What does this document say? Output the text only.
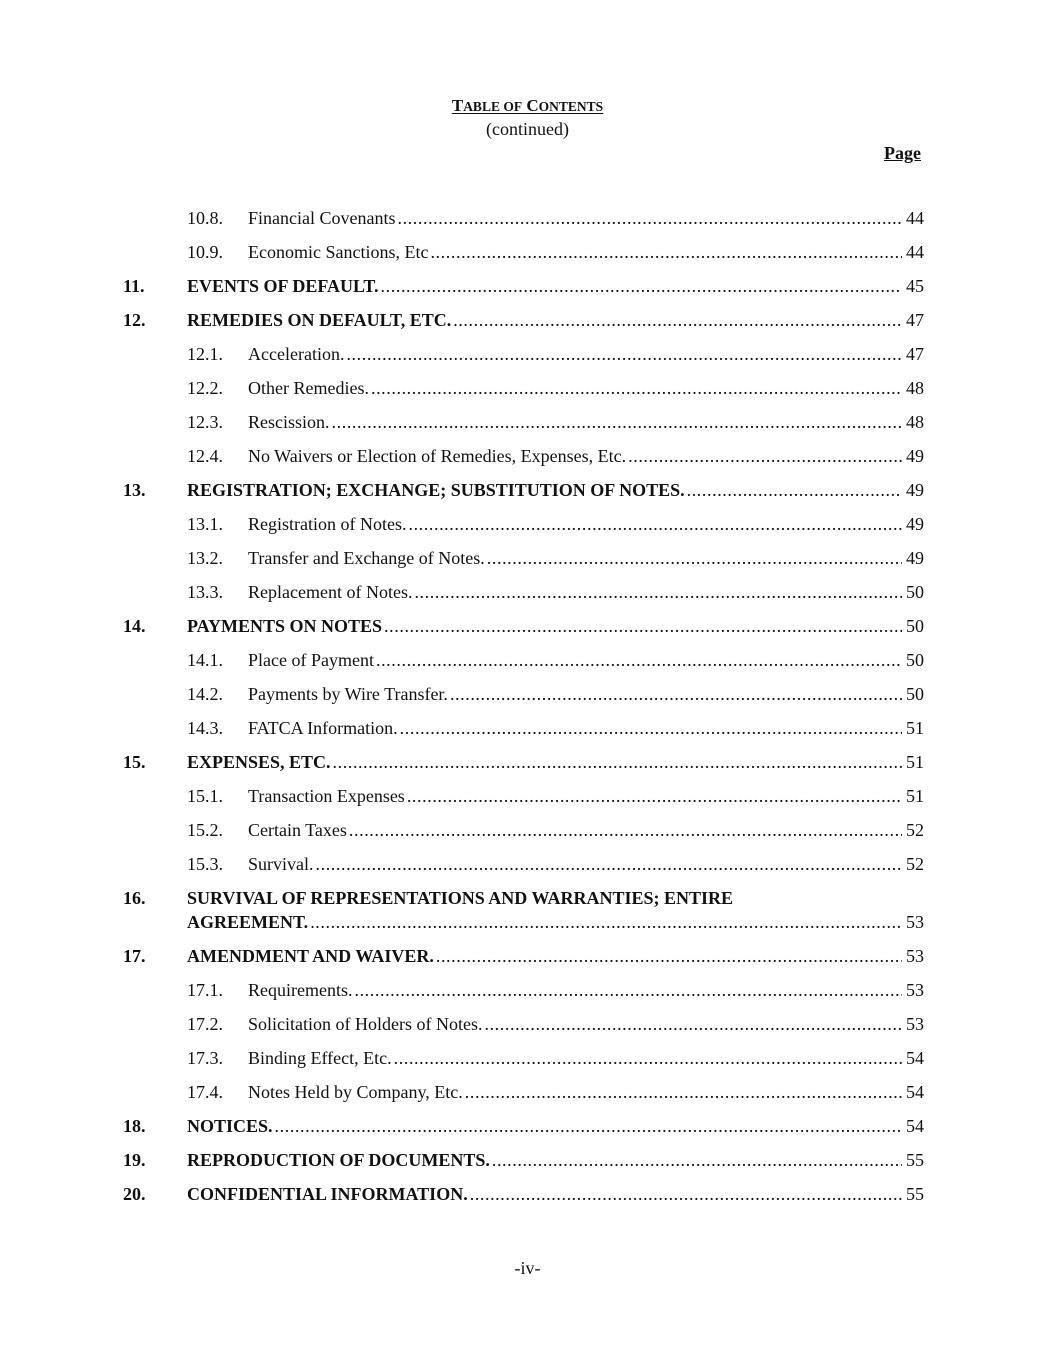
TABLE OF CONTENTS
(continued)
Page
10.8. Financial Covenants .....	44
10.9. Economic Sanctions, Etc .....	44
11. EVENTS OF DEFAULT. .....	45
12. REMEDIES ON DEFAULT, ETC. .....	47
12.1. Acceleration. .....	47
12.2. Other Remedies. .....	48
12.3. Rescission. .....	48
12.4. No Waivers or Election of Remedies, Expenses, Etc. .....	49
13. REGISTRATION; EXCHANGE; SUBSTITUTION OF NOTES. .....	49
13.1. Registration of Notes. .....	49
13.2. Transfer and Exchange of Notes. .....	49
13.3. Replacement of Notes. .....	50
14. PAYMENTS ON NOTES .....	50
14.1. Place of Payment .....	50
14.2. Payments by Wire Transfer. .....	50
14.3. FATCA Information. .....	51
15. EXPENSES, ETC. .....	51
15.1. Transaction Expenses .....	51
15.2. Certain Taxes .....	52
15.3. Survival. .....	52
16. SURVIVAL OF REPRESENTATIONS AND WARRANTIES; ENTIRE
AGREEMENT. .....	53
17. AMENDMENT AND WAIVER. .....	53
17.1. Requirements. .....	53
17.2. Solicitation of Holders of Notes. .....	53
17.3. Binding Effect, Etc. .....	54
17.4. Notes Held by Company, Etc. .....	54
18. NOTICES. .....	54
19. REPRODUCTION OF DOCUMENTS. .....	55
20. CONFIDENTIAL INFORMATION. .....	55
-iv-
